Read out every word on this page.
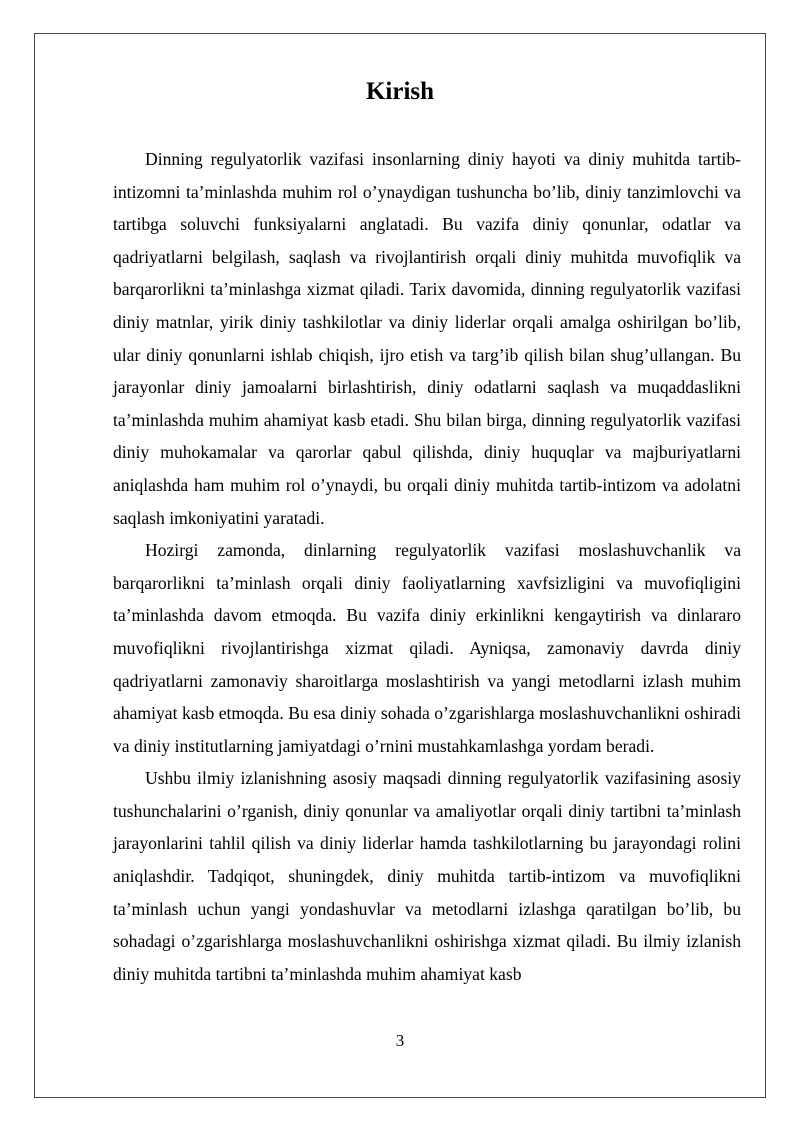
Kirish

Dinning regulyatorlik vazifasi insonlarning diniy hayoti va diniy muhitda tartib-intizomni ta’minlashda muhim rol o’ynaydigan tushuncha bo’lib, diniy tanzimlovchi va tartibga soluvchi funksiyalarni anglatadi. Bu vazifa diniy qonunlar, odatlar va qadriyatlarni belgilash, saqlash va rivojlantirish orqali diniy muhitda muvofiqlik va barqarorlikni ta’minlashga xizmat qiladi. Tarix davomida, dinning regulyatorlik vazifasi diniy matnlar, yirik diniy tashkilotlar va diniy liderlar orqali amalga oshirilgan bo’lib, ular diniy qonunlarni ishlab chiqish, ijro etish va targ’ib qilish bilan shug’ullangan. Bu jarayonlar diniy jamoalarni birlashtirish, diniy odatlarni saqlash va muqaddaslikni ta’minlashda muhim ahamiyat kasb etadi. Shu bilan birga, dinning regulyatorlik vazifasi diniy muhokamalar va qarorlar qabul qilishda, diniy huquqlar va majburiyatlarni aniqlashda ham muhim rol o’ynaydi, bu orqali diniy muhitda tartib-intizom va adolatni saqlash imkoniyatini yaratadi.

Hozirgi zamonda, dinlarning regulyatorlik vazifasi moslashuvchanlik va barqarorlikni ta’minlash orqali diniy faoliyatlarning xavfsizligini va muvofiqligini ta’minlashda davom etmoqda. Bu vazifa diniy erkinlikni kengaytirish va dinlararo muvofiqlikni rivojlantirishga xizmat qiladi. Ayniqsa, zamonaviy davrda diniy qadriyatlarni zamonaviy sharoitlarga moslashtirish va yangi metodlarni izlash muhim ahamiyat kasb etmoqda. Bu esa diniy sohada o’zgarishlarga moslashuvchanlikni oshiradi va diniy institutlarning jamiyatdagi o’rnini mustahkamlashga yordam beradi.

Ushbu ilmiy izlanishning asosiy maqsadi dinning regulyatorlik vazifasining asosiy tushunchalarini o’rganish, diniy qonunlar va amaliyotlar orqali diniy tartibni ta’minlash jarayonlarini tahlil qilish va diniy liderlar hamda tashkilotlarning bu jarayondagi rolini aniqlashdir. Tadqiqot, shuningdek, diniy muhitda tartib-intizom va muvofiqlikni ta’minlash uchun yangi yondashuvlar va metodlarni izlashga qaratilgan bo’lib, bu sohadagi o’zgarishlarga moslashuvchanlikni oshirishga xizmat qiladi. Bu ilmiy izlanish diniy muhitda tartibni ta’minlashda muhim ahamiyat kasb

3
